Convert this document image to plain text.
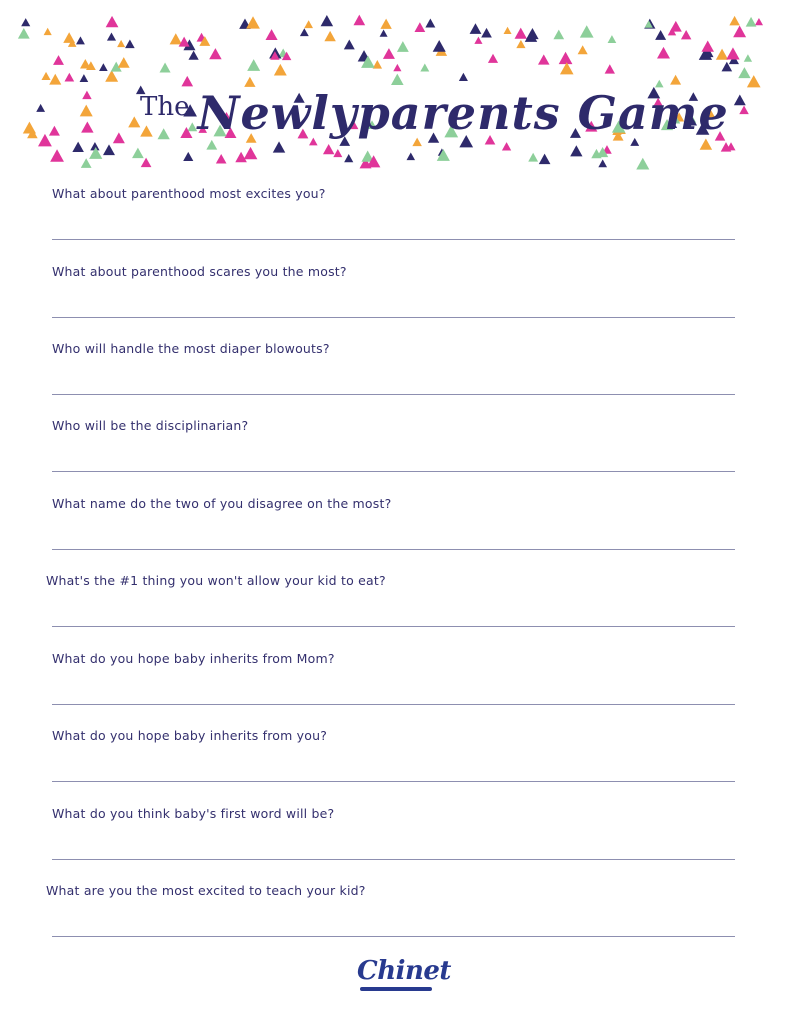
The Newlyparents Game
What about parenthood most excites you?
What about parenthood scares you the most?
Who will handle the most diaper blowouts?
Who will be the disciplinarian?
What name do the two of you disagree on the most?
What's the #1 thing you won't allow your kid to eat?
What do you hope baby inherits from Mom?
What do you hope baby inherits from you?
What do you think baby's first word will be?
What are you the most excited to teach your kid?
Chinet
